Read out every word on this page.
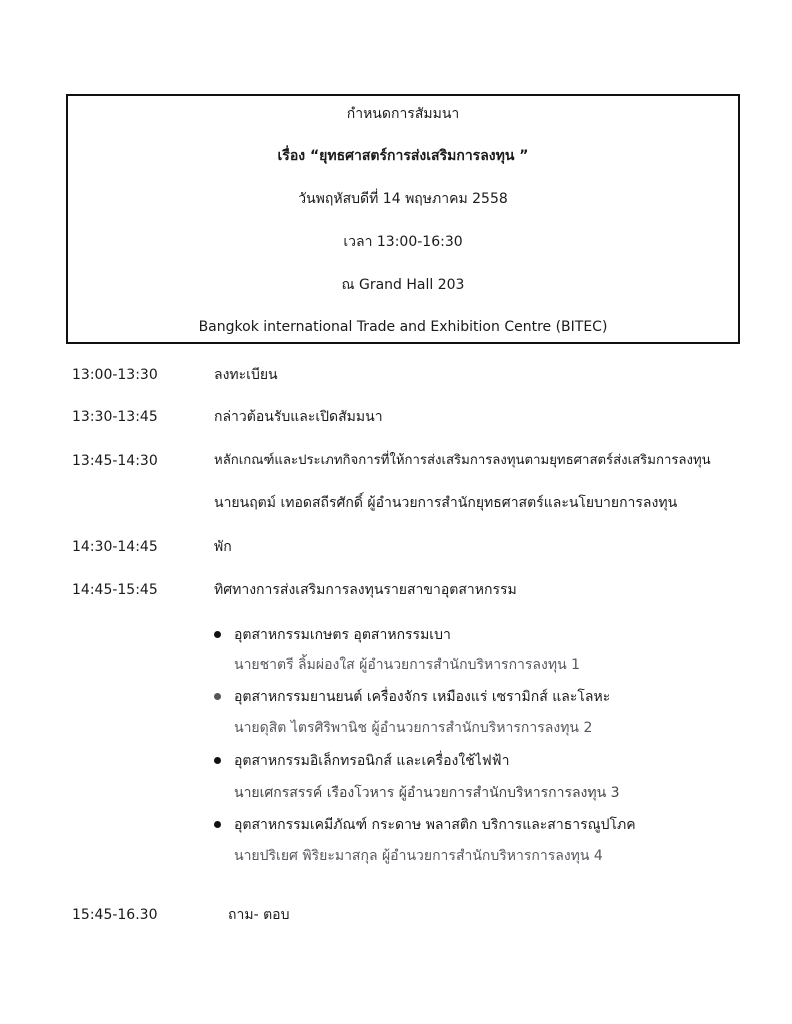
กำหนดการสัมมนา
เรื่อง “ยุทธศาสตร์การส่งเสริมการลงทุน ”
วันพฤหัสบดีที่ 14 พฤษภาคม 2558
เวลา 13:00-16:30
ณ Grand Hall 203
Bangkok international Trade and Exhibition Centre (BITEC)
13:00-13:30	ลงทะเบียน
13:30-13:45	กล่าวต้อนรับและเปิดสัมมนา
13:45-14:30	หลักเกณฑ์และประเภทกิจการที่ให้การส่งเสริมการลงทุนตามยุทธศาสตร์ส่งเสริมการลงทุน
นายนฤตม์ เทอดสถีรศักดิ์ ผู้อำนวยการสำนักยุทธศาสตร์และนโยบายการลงทุน
14:30-14:45	พัก
14:45-15:45	ทิศทางการส่งเสริมการลงทุนรายสาขาอุตสาหกรรม
อุตสาหกรรมเกษตร อุตสาหกรรมเบา
นายชาตรี ลิ้มผ่องใส ผู้อำนวยการสำนักบริหารการลงทุน 1
อุตสาหกรรมยานยนต์ เครื่องจักร เหมืองแร่ เซรามิกส์ และโลหะ
นายดุสิต ไตรศิริพานิช ผู้อำนวยการสำนักบริหารการลงทุน 2
อุตสาหกรรมอิเล็กทรอนิกส์ และเครื่องใช้ไฟฟ้า
นายเศกรสรรค์ เรืองโวหาร ผู้อำนวยการสำนักบริหารการลงทุน 3
อุตสาหกรรมเคมีภัณฑ์ กระดาษ พลาสติก บริการและสาธารณูปโภค
นายปริเยศ พิริยะมาสกุล ผู้อำนวยการสำนักบริหารการลงทุน 4
15:45-16.30	ถาม- ตอบ
